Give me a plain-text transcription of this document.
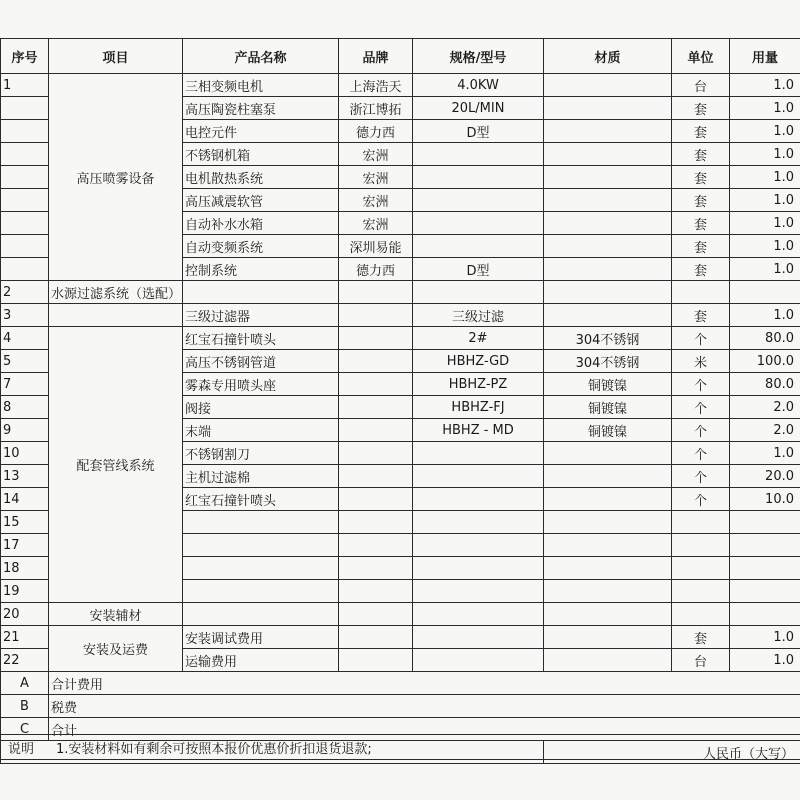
序号	项目	产品名称	品牌	规格/型号	材质	单位	用量
1	高压喷雾设备	三相变频电机	上海浩天	4.0KW		台	1.0
		高压陶瓷柱塞泵	浙江博拓	20L/MIN		套	1.0
		电控元件	德力西	D型		套	1.0
		不锈钢机箱	宏洲			套	1.0
		电机散热系统	宏洲			套	1.0
		高压减震软管	宏洲			套	1.0
		自动补水水箱	宏洲			套	1.0
		自动变频系统	深圳易能			套	1.0
		控制系统	德力西	D型		套	1.0
2	水源过滤系统（选配）						
3		三级过滤器		三级过滤		套	1.0
4	配套管线系统	红宝石撞针喷头		2#	304不锈钢	个	80.0
5		高压不锈钢管道		HBHZ-GD	304不锈钢	米	100.0
7		雾森专用喷头座		HBHZ-PZ	铜镀镍	个	80.0
8		阀接		HBHZ-FJ	铜镀镍	个	2.0
9		末端		HBHZ - MD	铜镀镍	个	2.0
10		不锈钢割刀				个	1.0
13		主机过滤棉				个	20.0
14		红宝石撞针喷头				个	10.0
15							
17							
18							
19							
20	安装辅材						
21	安装及运费	安装调试费用				套	1.0
22		运输费用				台	1.0
A	合计费用						
B	税费						
C	合计						
					人民币（大写）		
说明 1.安装材料如有剩余可按照本报价优惠价折扣退货退款;
